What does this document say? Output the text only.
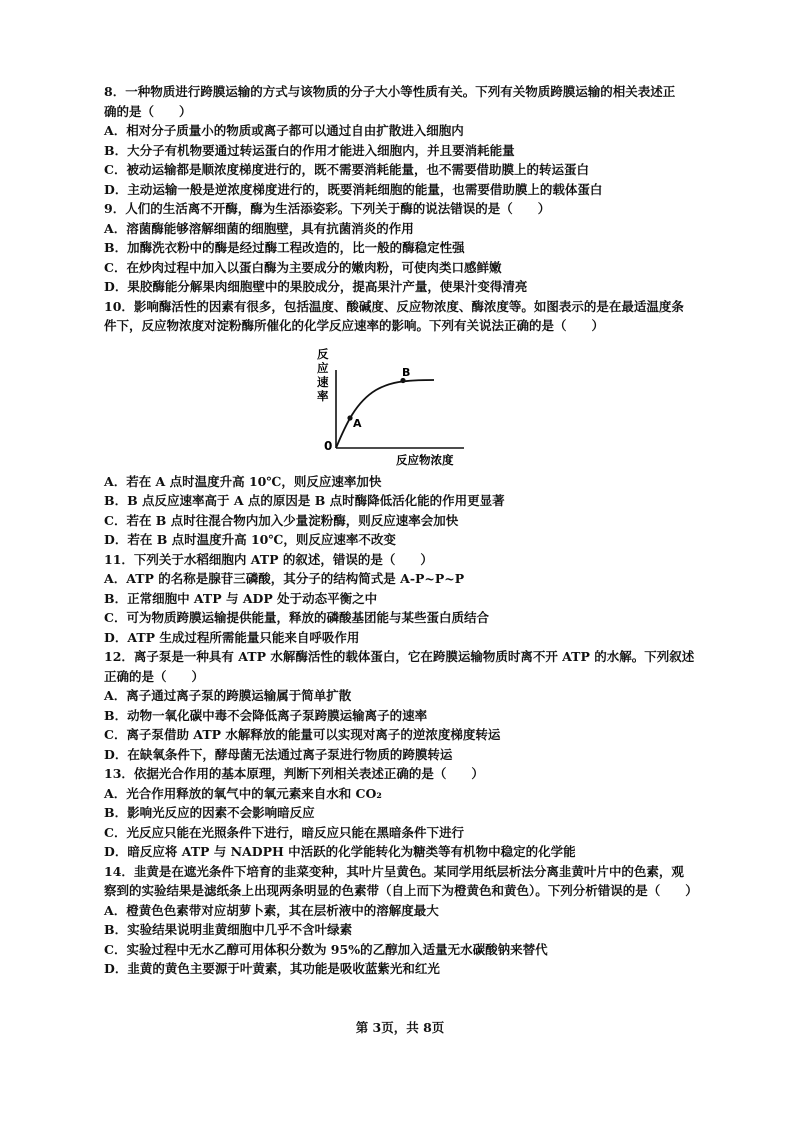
8．一种物质进行跨膜运输的方式与该物质的分子大小等性质有关。下列有关物质跨膜运输的相关表述正

确的是（　　）

A．相对分子质量小的物质或离子都可以通过自由扩散进入细胞内

B．大分子有机物要通过转运蛋白的作用才能进入细胞内，并且要消耗能量

C．被动运输都是顺浓度梯度进行的，既不需要消耗能量，也不需要借助膜上的转运蛋白

D．主动运输一般是逆浓度梯度进行的，既要消耗细胞的能量，也需要借助膜上的载体蛋白

9．人们的生活离不开酶，酶为生活添姿彩。下列关于酶的说法错误的是（　　）

A．溶菌酶能够溶解细菌的细胞壁，具有抗菌消炎的作用

B．加酶洗衣粉中的酶是经过酶工程改造的，比一般的酶稳定性强

C．在炒肉过程中加入以蛋白酶为主要成分的嫩肉粉，可使肉类口感鲜嫩

D．果胶酶能分解果肉细胞壁中的果胶成分，提高果汁产量，使果汁变得清亮

10．影响酶活性的因素有很多，包括温度、酸碱度、反应物浓度、酶浓度等。如图表示的是在最适温度条

件下，反应物浓度对淀粉酶所催化的化学反应速率的影响。下列有关说法正确的是（　　）

A
B
0
反
应
速
率
反应物浓度

A．若在 A 点时温度升高 10℃，则反应速率加快

B．B 点反应速率高于 A 点的原因是 B 点时酶降低活化能的作用更显著

C．若在 B 点时往混合物内加入少量淀粉酶，则反应速率会加快

D．若在 B 点时温度升高 10℃，则反应速率不改变

11．下列关于水稻细胞内 ATP 的叙述，错误的是（　　）

A．ATP 的名称是腺苷三磷酸，其分子的结构简式是 A-P~P~P

B．正常细胞中 ATP 与 ADP 处于动态平衡之中

C．可为物质跨膜运输提供能量，释放的磷酸基团能与某些蛋白质结合

D．ATP 生成过程所需能量只能来自呼吸作用

12．离子泵是一种具有 ATP 水解酶活性的载体蛋白，它在跨膜运输物质时离不开 ATP 的水解。下列叙述

正确的是（　　）

A．离子通过离子泵的跨膜运输属于简单扩散

B．动物一氧化碳中毒不会降低离子泵跨膜运输离子的速率

C．离子泵借助 ATP 水解释放的能量可以实现对离子的逆浓度梯度转运

D．在缺氧条件下，酵母菌无法通过离子泵进行物质的跨膜转运

13．依据光合作用的基本原理，判断下列相关表述正确的是（　　）

A．光合作用释放的氧气中的氧元素来自水和 CO₂

B．影响光反应的因素不会影响暗反应

C．光反应只能在光照条件下进行，暗反应只能在黑暗条件下进行

D．暗反应将 ATP 与 NADPH 中活跃的化学能转化为糖类等有机物中稳定的化学能

14．韭黄是在遮光条件下培育的韭菜变种，其叶片呈黄色。某同学用纸层析法分离韭黄叶片中的色素，观

察到的实验结果是滤纸条上出现两条明显的色素带（自上而下为橙黄色和黄色）。下列分析错误的是（　　）

A．橙黄色色素带对应胡萝卜素，其在层析液中的溶解度最大

B．实验结果说明韭黄细胞中几乎不含叶绿素

C．实验过程中无水乙醇可用体积分数为 95%的乙醇加入适量无水碳酸钠来替代

D．韭黄的黄色主要源于叶黄素，其功能是吸收蓝紫光和红光

第 3页，共 8页
